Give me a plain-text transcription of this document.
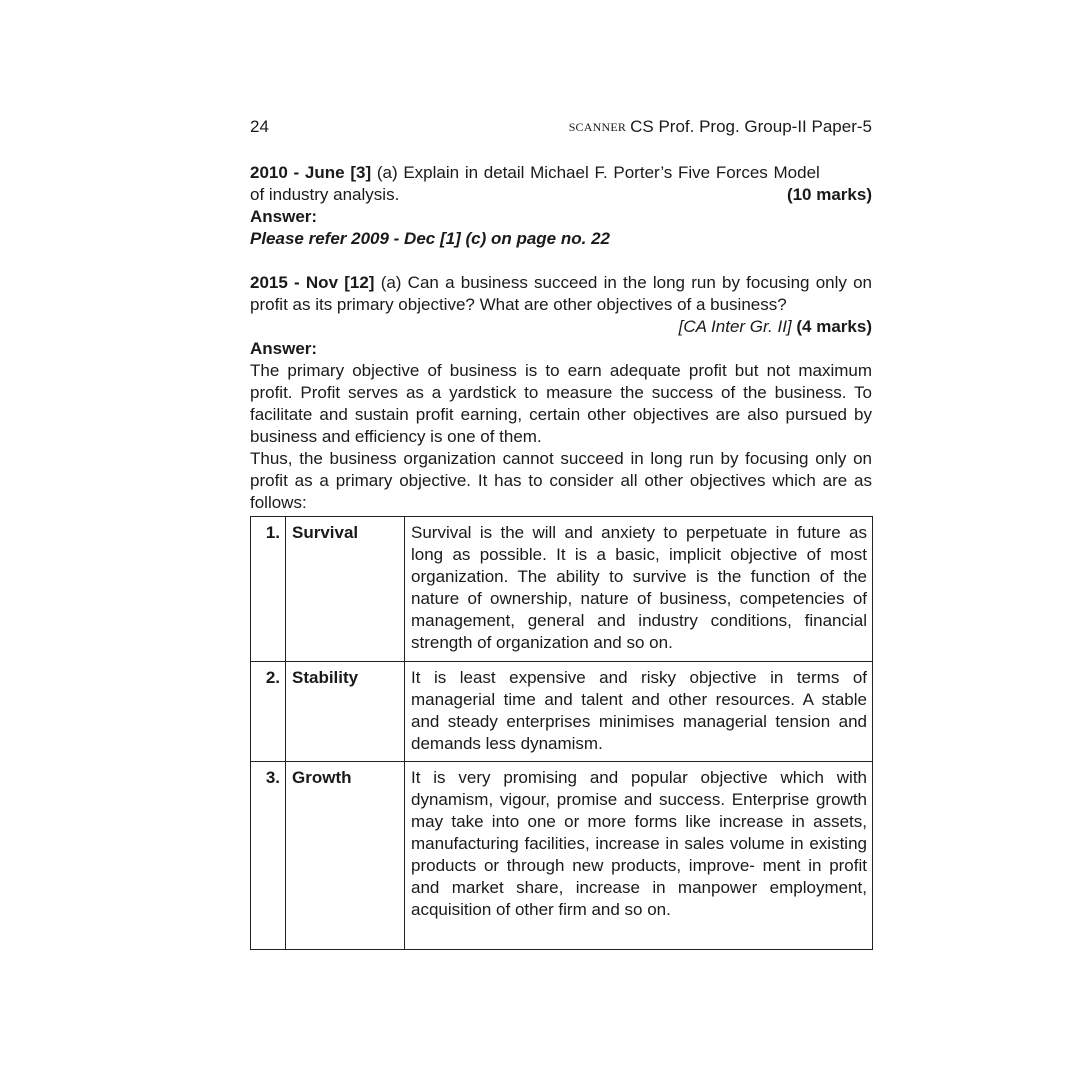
24	SCANNER CS Prof. Prog. Group-II Paper-5

2010 - June [3] (a) Explain in detail Michael F. Porter’s Five Forces Model

of industry analysis.	(10 marks)
Answer:
Please refer 2009 - Dec [1] (c) on page no. 22

2015 - Nov [12] (a) Can a business succeed in the long run by focusing only on profit as its primary objective? What are other objectives of a business?

[CA Inter Gr. II] (4 marks)
Answer:

The primary objective of business is to earn adequate profit but not maximum profit. Profit serves as a yardstick to measure the success of the business. To facilitate and sustain profit earning, certain other objectives are also pursued by business and efficiency is one of them.

Thus, the business organization cannot succeed in long run by focusing only on profit as a primary objective. It has to consider all other objectives which are as follows:

1.	Survival	Survival is the will and anxiety to perpetuate in future as long as possible. It is a basic, implicit objective of most organization. The ability to survive is the function of the nature of ownership, nature of business, competencies of management, general and industry conditions, financial strength of organization and so on.
2.	Stability	It is least expensive and risky objective in terms of managerial time and talent and other resources. A stable and steady enterprises minimises managerial tension and demands less dynamism.
3.	Growth	It is very promising and popular objective which with dynamism, vigour, promise and success. Enterprise growth may take into one or more forms like increase in assets, manufacturing facilities, increase in sales volume in existing products or through new products, improve- ment in profit and market share, increase in manpower employment, acquisition of other firm and so on.
